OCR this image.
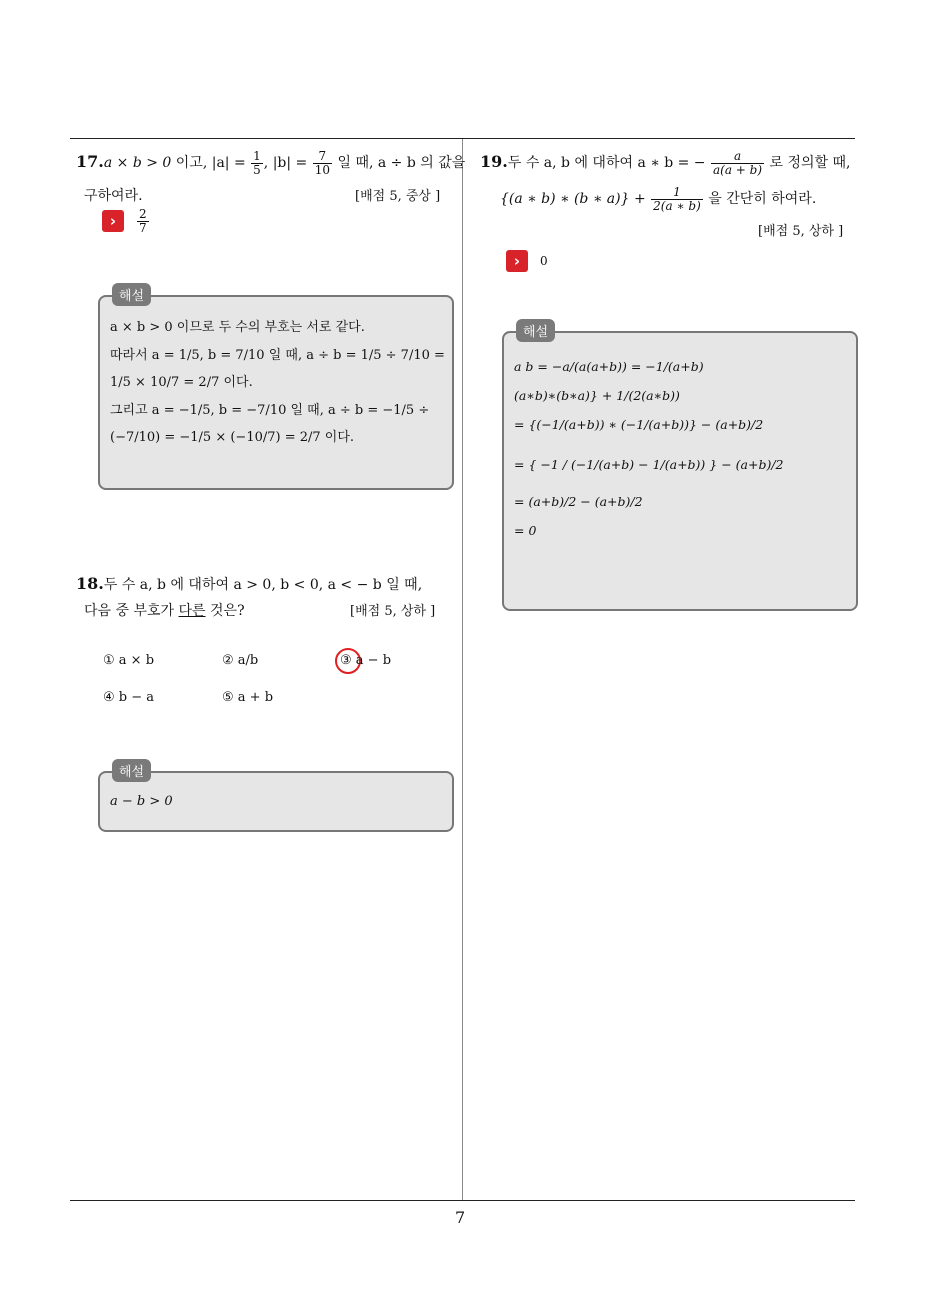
7
17.a × b > 0 이고, $|a| = \frac{1}{5}$ , $|b| = \frac{7}{10}$ 일 때, a ÷ b 의 값을
구하여라.	[배점 5, 중상 ]
›	$\frac{2}{7}$
해설
a × b > 0 이므로 두 수의 부호는 서로 같다.
따라서 a = 1/5, b = 7/10 일 때, a ÷ b = 1/5 ÷ 7/10 =
1/5 × 10/7 = 2/7 이다.
그리고 a = −1/5, b = −7/10 일 때, a ÷ b = −1/5 ÷
(−7/10) = −1/5 × (−10/7) = 2/7 이다.
18.두 수 a, b 에 대하여 a > 0, b < 0, a < − b 일 때,
다음 중 부호가 다른 것은?	[배점 5, 상하 ]
① a × b	② a/b	③ a − b
④ b − a	⑤ a + b
해설
a − b > 0
19.두 수 a, b 에 대하여 a ∗ b = − $\frac{a}{a(a + b)}$ 로 정의할 때,
{(a ∗ b) ∗ (b ∗ $a)\} + \frac{1}{2(a ∗ b)}$ 을 간단히 하여라.
[배점 5, 상하 ]
›	0
해설
a b = −a/(a(a+b)) = −1/(a+b)
(a∗b)∗(b∗a)} + 1/(2(a∗b))
= {(−1/(a+b)) ∗ (−1/(a+b))} − (a+b)/2
= { −1 / (−1/(a+b) − 1/(a+b)) } − (a+b)/2
= (a+b)/2 − (a+b)/2
= 0
